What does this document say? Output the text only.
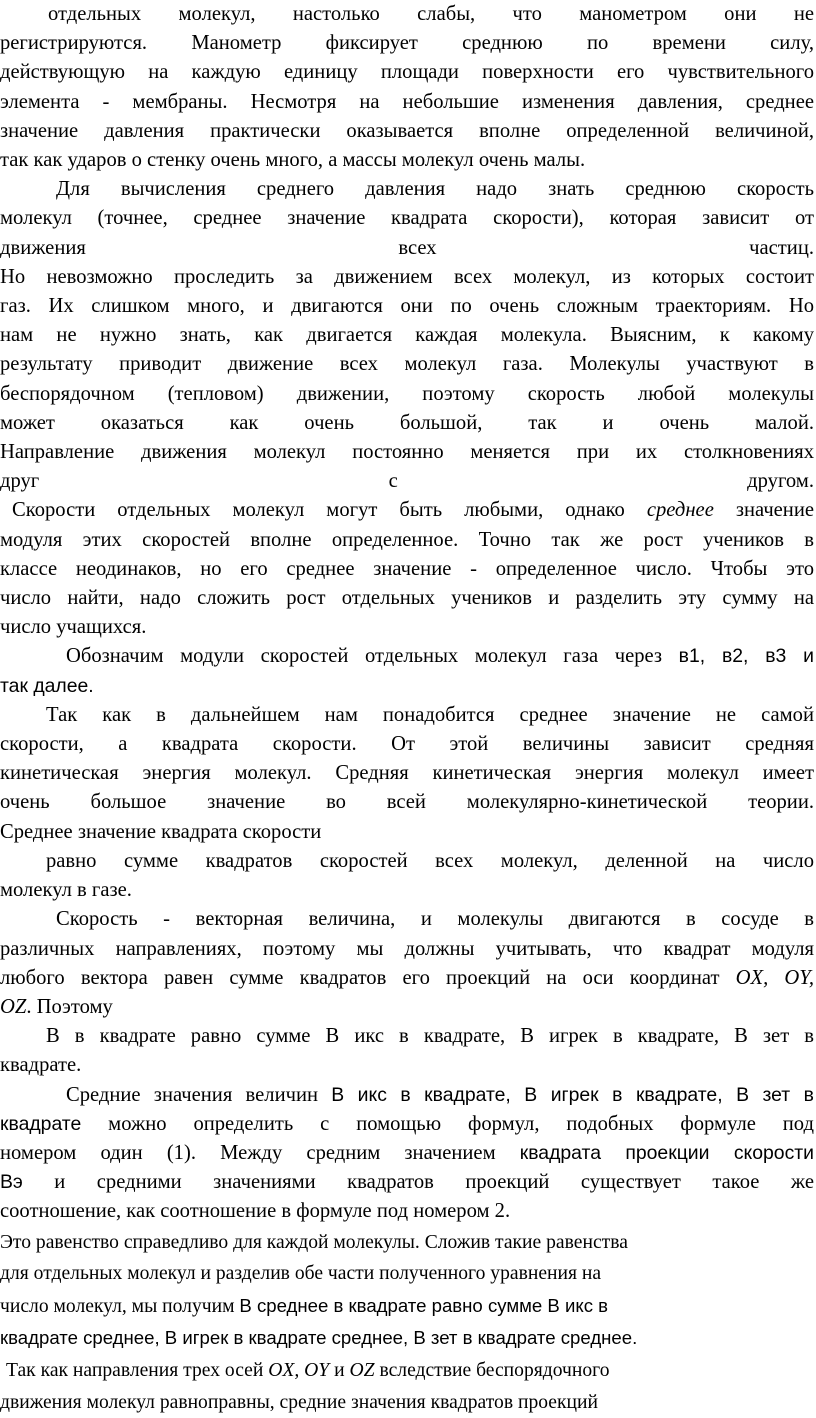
отдельных молекул, настолько слабы, что манометром они не

регистрируются. Манометр фиксирует среднюю по времени силу,

действующую на каждую единицу площади поверхности его чувствительного

элемента - мембраны. Несмотря на небольшие изменения давления, среднее

значение давления практически оказывается вполне определенной величиной,

так как ударов о стенку очень много, а массы молекул очень малы.

Для вычисления среднего давления надо знать среднюю скорость

молекул (точнее, среднее значение квадрата скорости), которая зависит от

движения всех частиц.

Но невозможно проследить за движением всех молекул, из которых состоит

газ. Их слишком много, и двигаются они по очень сложным траекториям. Но

нам не нужно знать, как двигается каждая молекула. Выясним, к какому

результату приводит движение всех молекул газа. Молекулы участвуют в

беспорядочном (тепловом) движении, поэтому скорость любой молекулы

может оказаться как очень большой, так и очень малой.

Направление движения молекул постоянно меняется при их столкновениях

друг с другом.

Скорости отдельных молекул могут быть любыми, однако среднее значение

модуля этих скоростей вполне определенное. Точно так же рост учеников в

классе неодинаков, но его среднее значение - определенное число. Чтобы это

число найти, надо сложить рост отдельных учеников и разделить эту сумму на

число учащихся.

Обозначим модули скоростей отдельных молекул газа через в1, в2, в3 и

так далее.

Так как в дальнейшем нам понадобится среднее значение не самой

скорости, а квадрата скорости. От этой величины зависит средняя

кинетическая энергия молекул. Средняя кинетическая энергия молекул имеет

очень большое значение во всей молекулярно-кинетической теории.

Среднее значение квадрата скорости

равно сумме квадратов скоростей всех молекул, деленной на число

молекул в газе.

Скорость - векторная величина, и молекулы двигаются в сосуде в

различных направлениях, поэтому мы должны учитывать, что квадрат модуля

любого вектора равен сумме квадратов его проекций на оси координат OX, OY,

OZ. Поэтому

В в квадрате равно сумме В икс в квадрате, В игрек в квадрате, В зет в

квадрате.

Средние значения величин В икс в квадрате, В игрек в квадрате, В зет в

квадрате можно определить с помощью формул, подобных формуле под

номером один (1). Между средним значением квадрата проекции скорости

Вэ и средними значениями квадратов проекций существует такое же

соотношение, как соотношение в формуле под номером 2.

Это равенство справедливо для каждой молекулы. Сложив такие равенства

для отдельных молекул и разделив обе части полученного уравнения на

число молекул, мы получим В среднее в квадрате равно сумме В икс в

квадрате среднее, В игрек в квадрате среднее, В зет в квадрате среднее.

Так как направления трех осей OX, OY и OZ вследствие беспорядочного

движения молекул равноправны, средние значения квадратов проекций
